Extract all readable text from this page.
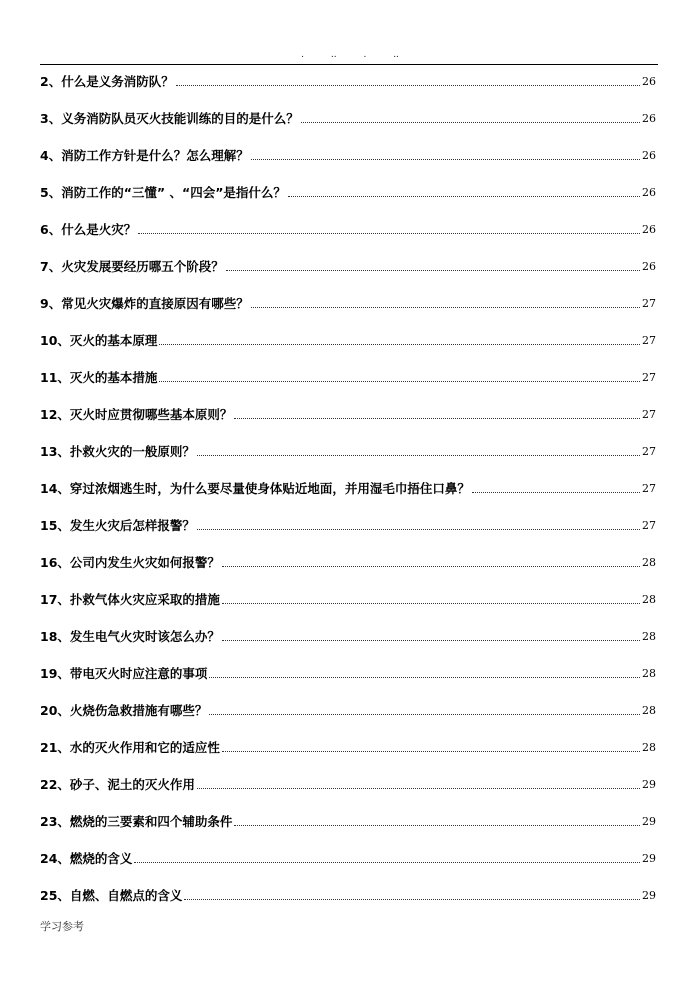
.	..	.	..
2、什么是义务消防队？	26
3、义务消防队员灭火技能训练的目的是什么？	26
4、消防工作方针是什么？怎么理解？	26
5、消防工作的“三懂” 、“四会”是指什么？	26
6、什么是火灾？	26
7、火灾发展要经历哪五个阶段？	26
9、常见火灾爆炸的直接原因有哪些？	27
10、灭火的基本原理	27
11、灭火的基本措施	27
12、灭火时应贯彻哪些基本原则？	27
13、扑救火灾的一般原则？	27
14、穿过浓烟逃生时，为什么要尽量使身体贴近地面，并用湿毛巾捂住口鼻？	27
15、发生火灾后怎样报警？	27
16、公司内发生火灾如何报警？	28
17、扑救气体火灾应采取的措施	28
18、发生电气火灾时该怎么办？	28
19、带电灭火时应注意的事项	28
20、火烧伤急救措施有哪些？	28
21、水的灭火作用和它的适应性	28
22、砂子、泥土的灭火作用	29
23、燃烧的三要素和四个辅助条件	29
24、燃烧的含义	29
25、自燃、自燃点的含义	29
学习参考
